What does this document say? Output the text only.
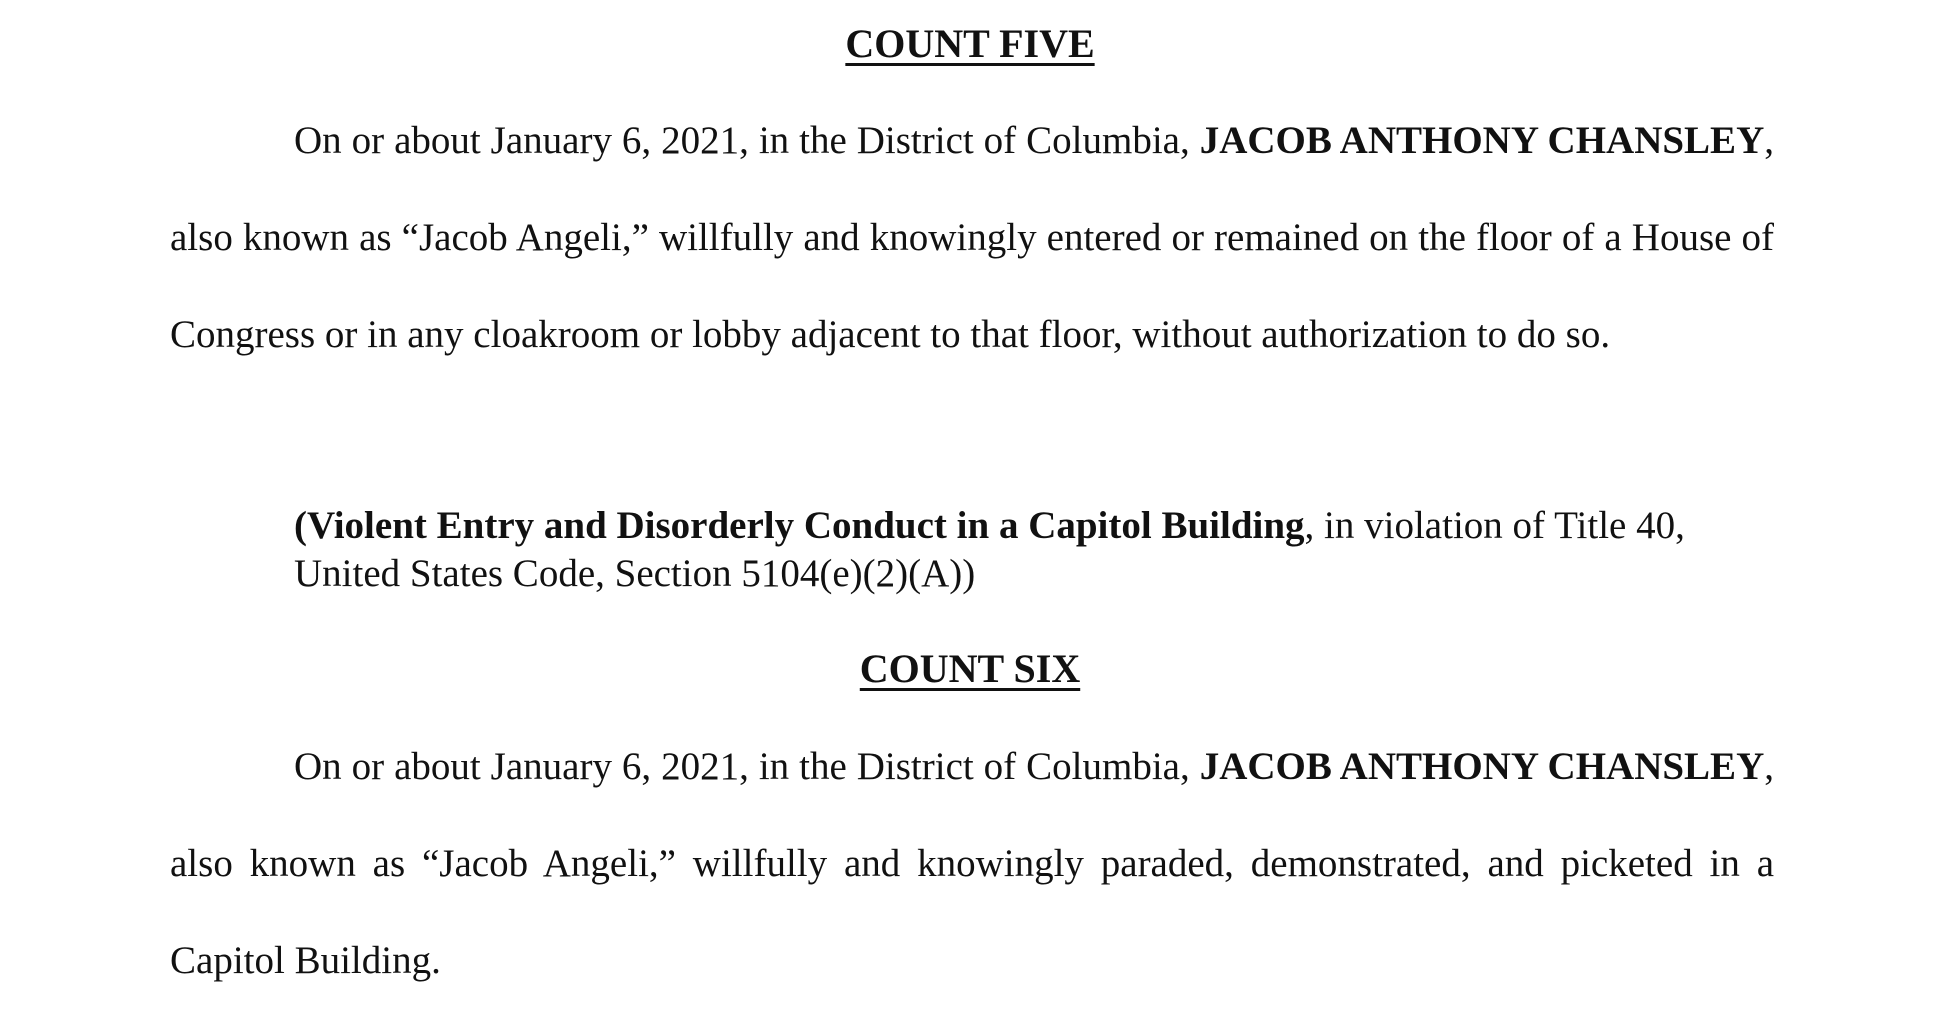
COUNT FIVE

On or about January 6, 2021, in the District of Columbia, JACOB ANTHONY CHANSLEY, also known as “Jacob Angeli,” willfully and knowingly entered or remained on the floor of a House of Congress or in any cloakroom or lobby adjacent to that floor, without authorization to do so.

(Violent Entry and Disorderly Conduct in a Capitol Building, in violation of Title 40, United States Code, Section 5104(e)(2)(A))

COUNT SIX

On or about January 6, 2021, in the District of Columbia, JACOB ANTHONY CHANSLEY, also known as “Jacob Angeli,” willfully and knowingly paraded, demonstrated, and picketed in a Capitol Building.
